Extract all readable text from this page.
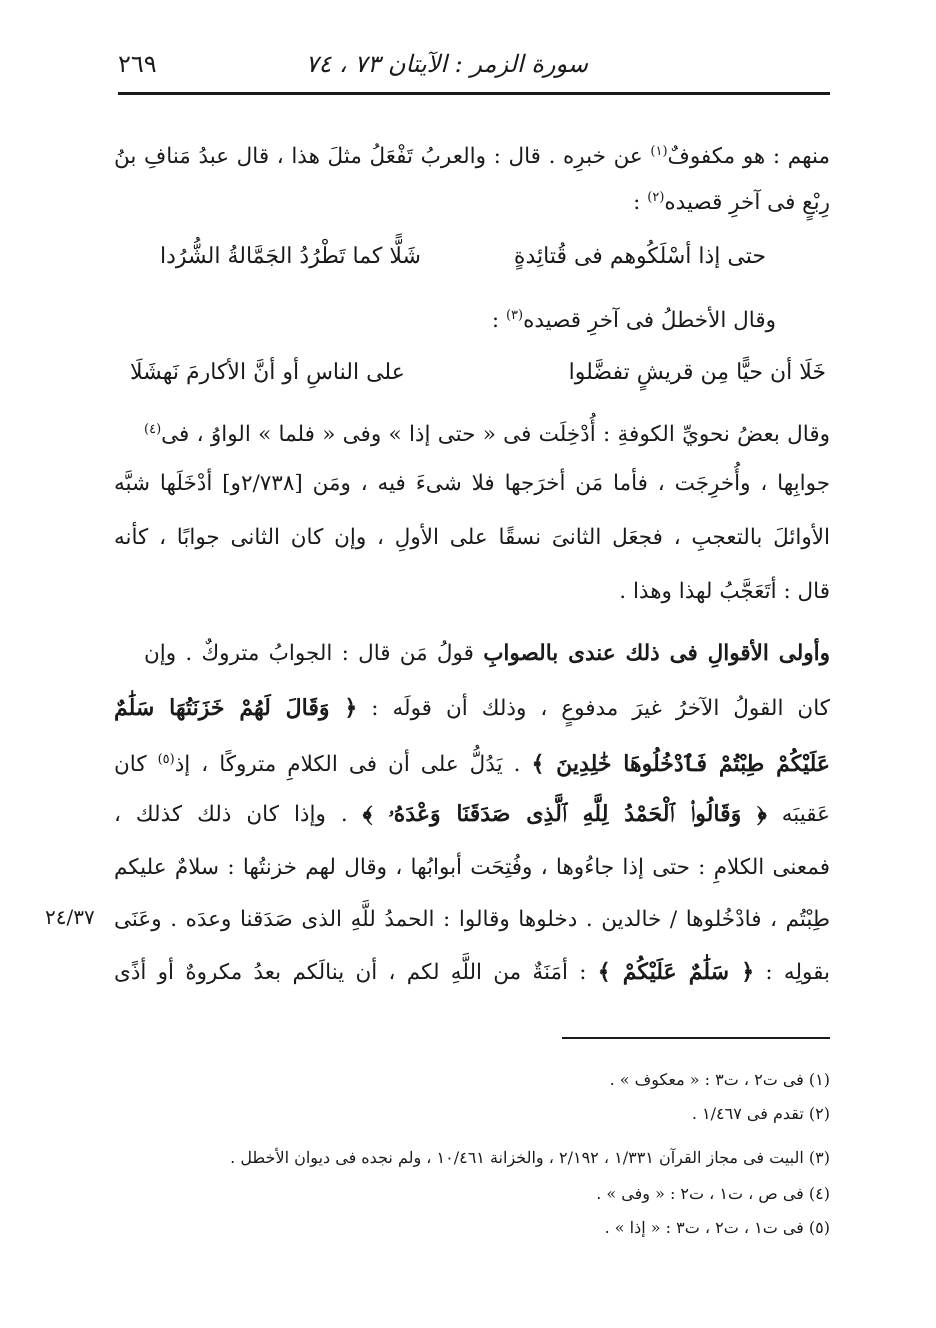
سورة الزمر : الآيتان ٧٣ ، ٧٤
٢٦٩
منهم : هو مكفوفٌ$^{(١)}$ عن خبرِه . قال : والعربُ تَفْعَلُ مثلَ هذا ، قال عبدُ مَنافِ بنُ
رِبْعٍ فى آخرِ قصيده$^{(٢)}$ :
حتى إذا أسْلَكُوهم فى قُتائِدةٍ
شَلًّا كما تَطْرُدُ الجَمَّالةُ الشُّرُدا
وقال الأخطلُ فى آخرِ قصيده$^{(٣)}$ :
خَلَا أن حيًّا مِن قريشٍ تفضَّلوا
على الناسِ أو أنَّ الأكارمَ نَهشَلَا
وقال بعضُ نحويِّ الكوفةِ : أُدْخِلَت فى « حتى إذا » وفى « فلما » الواوُ ، فى$^{(٤)}$
جوابِها ، وأُخرِجَت ، فأما مَن أخرَجها فلا شىءَ فيه ، ومَن [٢/٧٣٨و] أدْخَلَها شبَّه
الأوائلَ بالتعجبِ ، فجعَل الثانىَ نسقًا على الأولِ ، وإن كان الثانى جوابًا ، كأنه
قال : أتَعَجَّبُ لهذا وهذا .
وأولى الأقوالِ فى ذلك عندى بالصوابِ قولُ مَن قال : الجوابُ متروكٌ . وإن
كان القولُ الآخرُ غيرَ مدفوعٍ ، وذلك أن قولَه : ﴿ وَقَالَ لَهُمْ خَزَنَتُهَا سَلَٰمٌ
عَلَيْكُمْ طِبْتُمْ فَٱدْخُلُوهَا خَٰلِدِينَ ﴾ . يَدُلُّ على أن فى الكلامِ متروكًا ، إذ$^{(٥)}$ كان
عَقيبَه ﴿ وَقَالُوا۟ ٱلْحَمْدُ لِلَّهِ ٱلَّذِى صَدَقَنَا وَعْدَهُۥ ﴾ . وإذا كان ذلك كذلك ،
فمعنى الكلامِ : حتى إذا جاءُوها ، وفُتِحَت أبوابُها ، وقال لهم خزنتُها : سلامٌ عليكم
طِبْتُم ، فادْخُلوها / خالدين . دخلوها وقالوا : الحمدُ للَّهِ الذى صَدَقنا وعدَه . وعَنَى
بقولِه : ﴿ سَلَٰمٌ عَلَيْكُمْ ﴾ : أمَنَةٌ من اللَّهِ لكم ، أن ينالَكم بعدُ مكروهٌ أو أذًى
٢٤/٣٧
(١) فى ت٢ ، ت٣ : « معكوف » .
(٢) تقدم فى ١/٤٦٧ .
(٣) البيت فى مجاز القرآن ١/٣٣١ ، ٢/١٩٢ ، والخزانة ١٠/٤٦١ ، ولم نجده فى ديوان الأخطل .
(٤) فى ص ، ت١ ، ت٢ : « وفى » .
(٥) فى ت١ ، ت٢ ، ت٣ : « إذا » .
